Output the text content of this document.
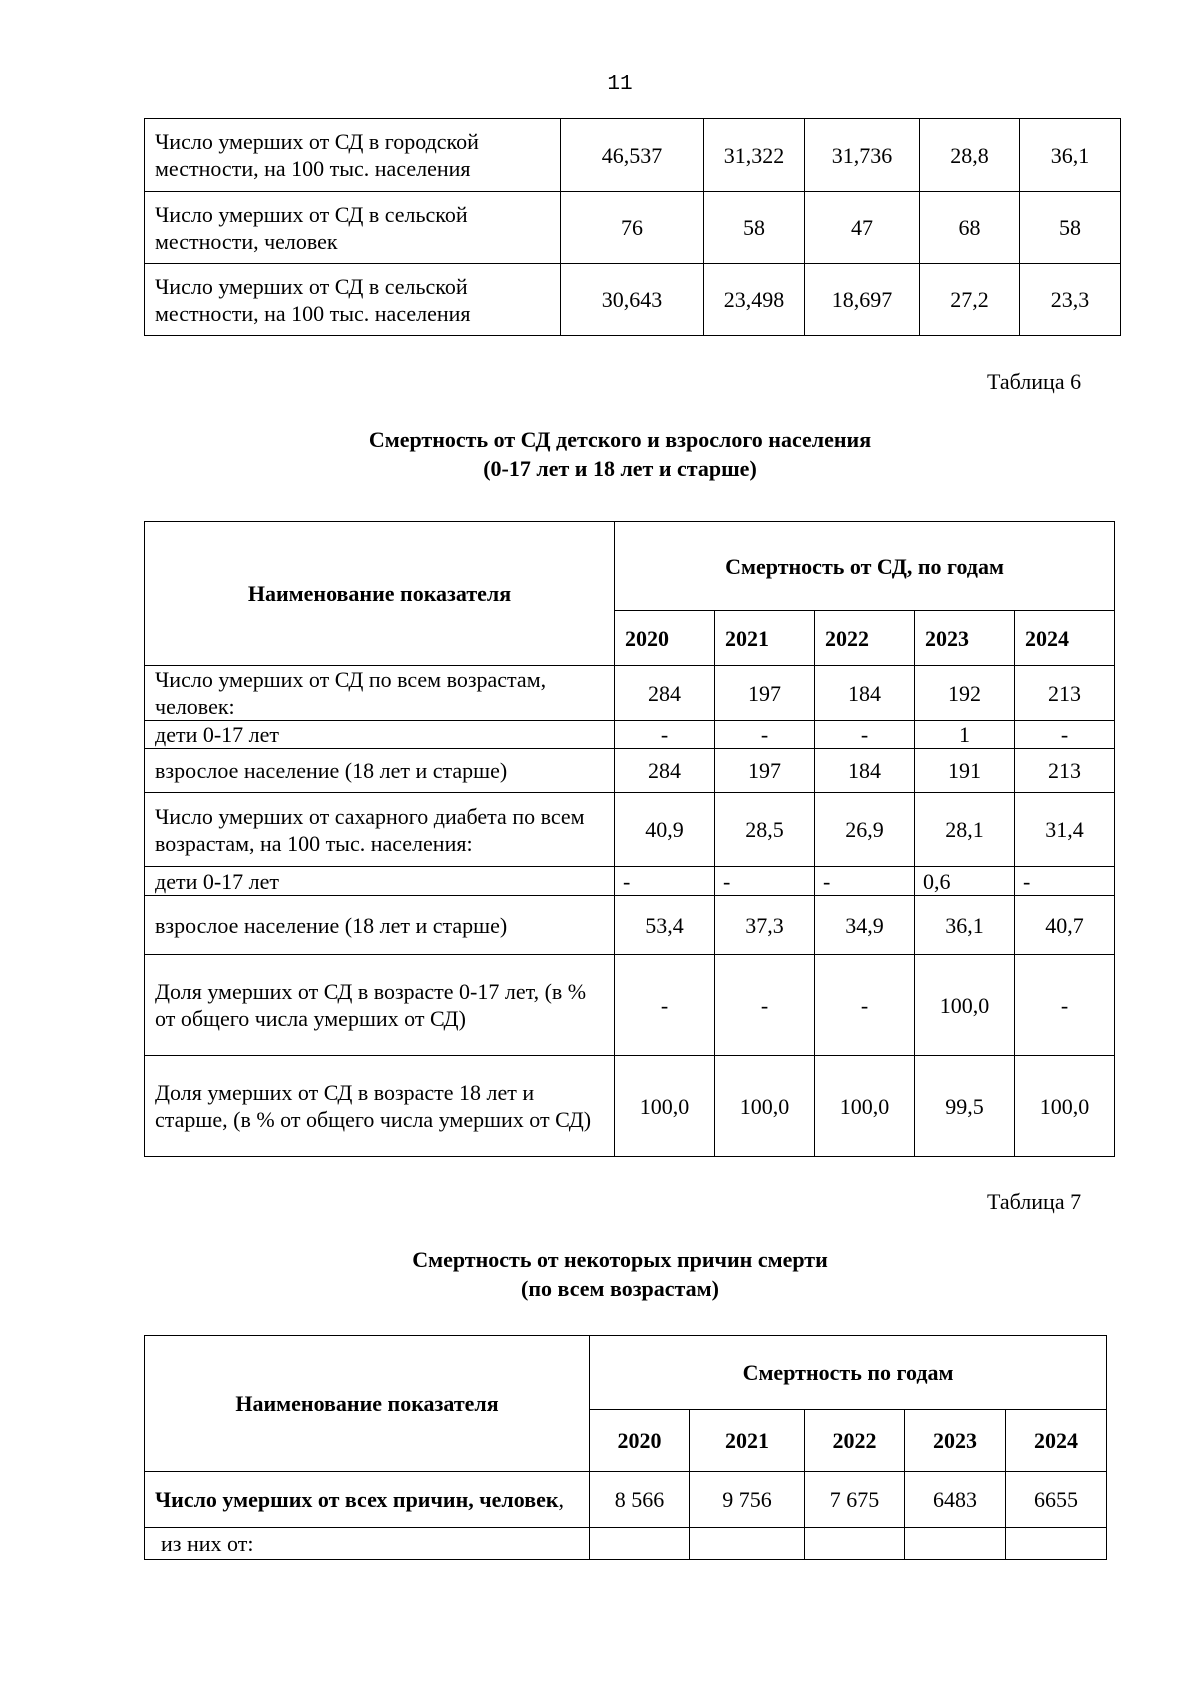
11
Число умерших от СД в городской местности, на 100 тыс. населения	46,537	31,322	31,736	28,8	36,1
Число умерших от СД в сельской местности, человек	76	58	47	68	58
Число умерших от СД в сельской местности, на 100 тыс. населения	30,643	23,498	18,697	27,2	23,3
Таблица 6
Смертность от СД детского и взрослого населения
(0-17 лет и 18 лет и старше)
Наименование показателя	Смертность от СД, по годам				
	2020	2021	2022	2023	2024
Число умерших от СД по всем возрастам, человек:	284	197	184	192	213
дети 0-17 лет	-	-	-	1	-
взрослое население (18 лет и старше)	284	197	184	191	213
Число умерших от сахарного диабета по всем возрастам, на 100 тыс. населения:	40,9	28,5	26,9	28,1	31,4
дети 0-17 лет	-	-	-	0,6	-
взрослое население (18 лет и старше)	53,4	37,3	34,9	36,1	40,7
Доля умерших от СД в возрасте 0-17 лет, (в % от общего числа умерших от СД)	-	-	-	100,0	-
Доля умерших от СД в возрасте 18 лет и старше, (в % от общего числа умерших от СД)	100,0	100,0	100,0	99,5	100,0
Таблица 7
Смертность от некоторых причин смерти
(по всем возрастам)
Наименование показателя	Смертность по годам				
	2020	2021	2022	2023	2024
Число умерших от всех причин, человек,	8 566	9 756	7 675	6483	6655
из них от:					
